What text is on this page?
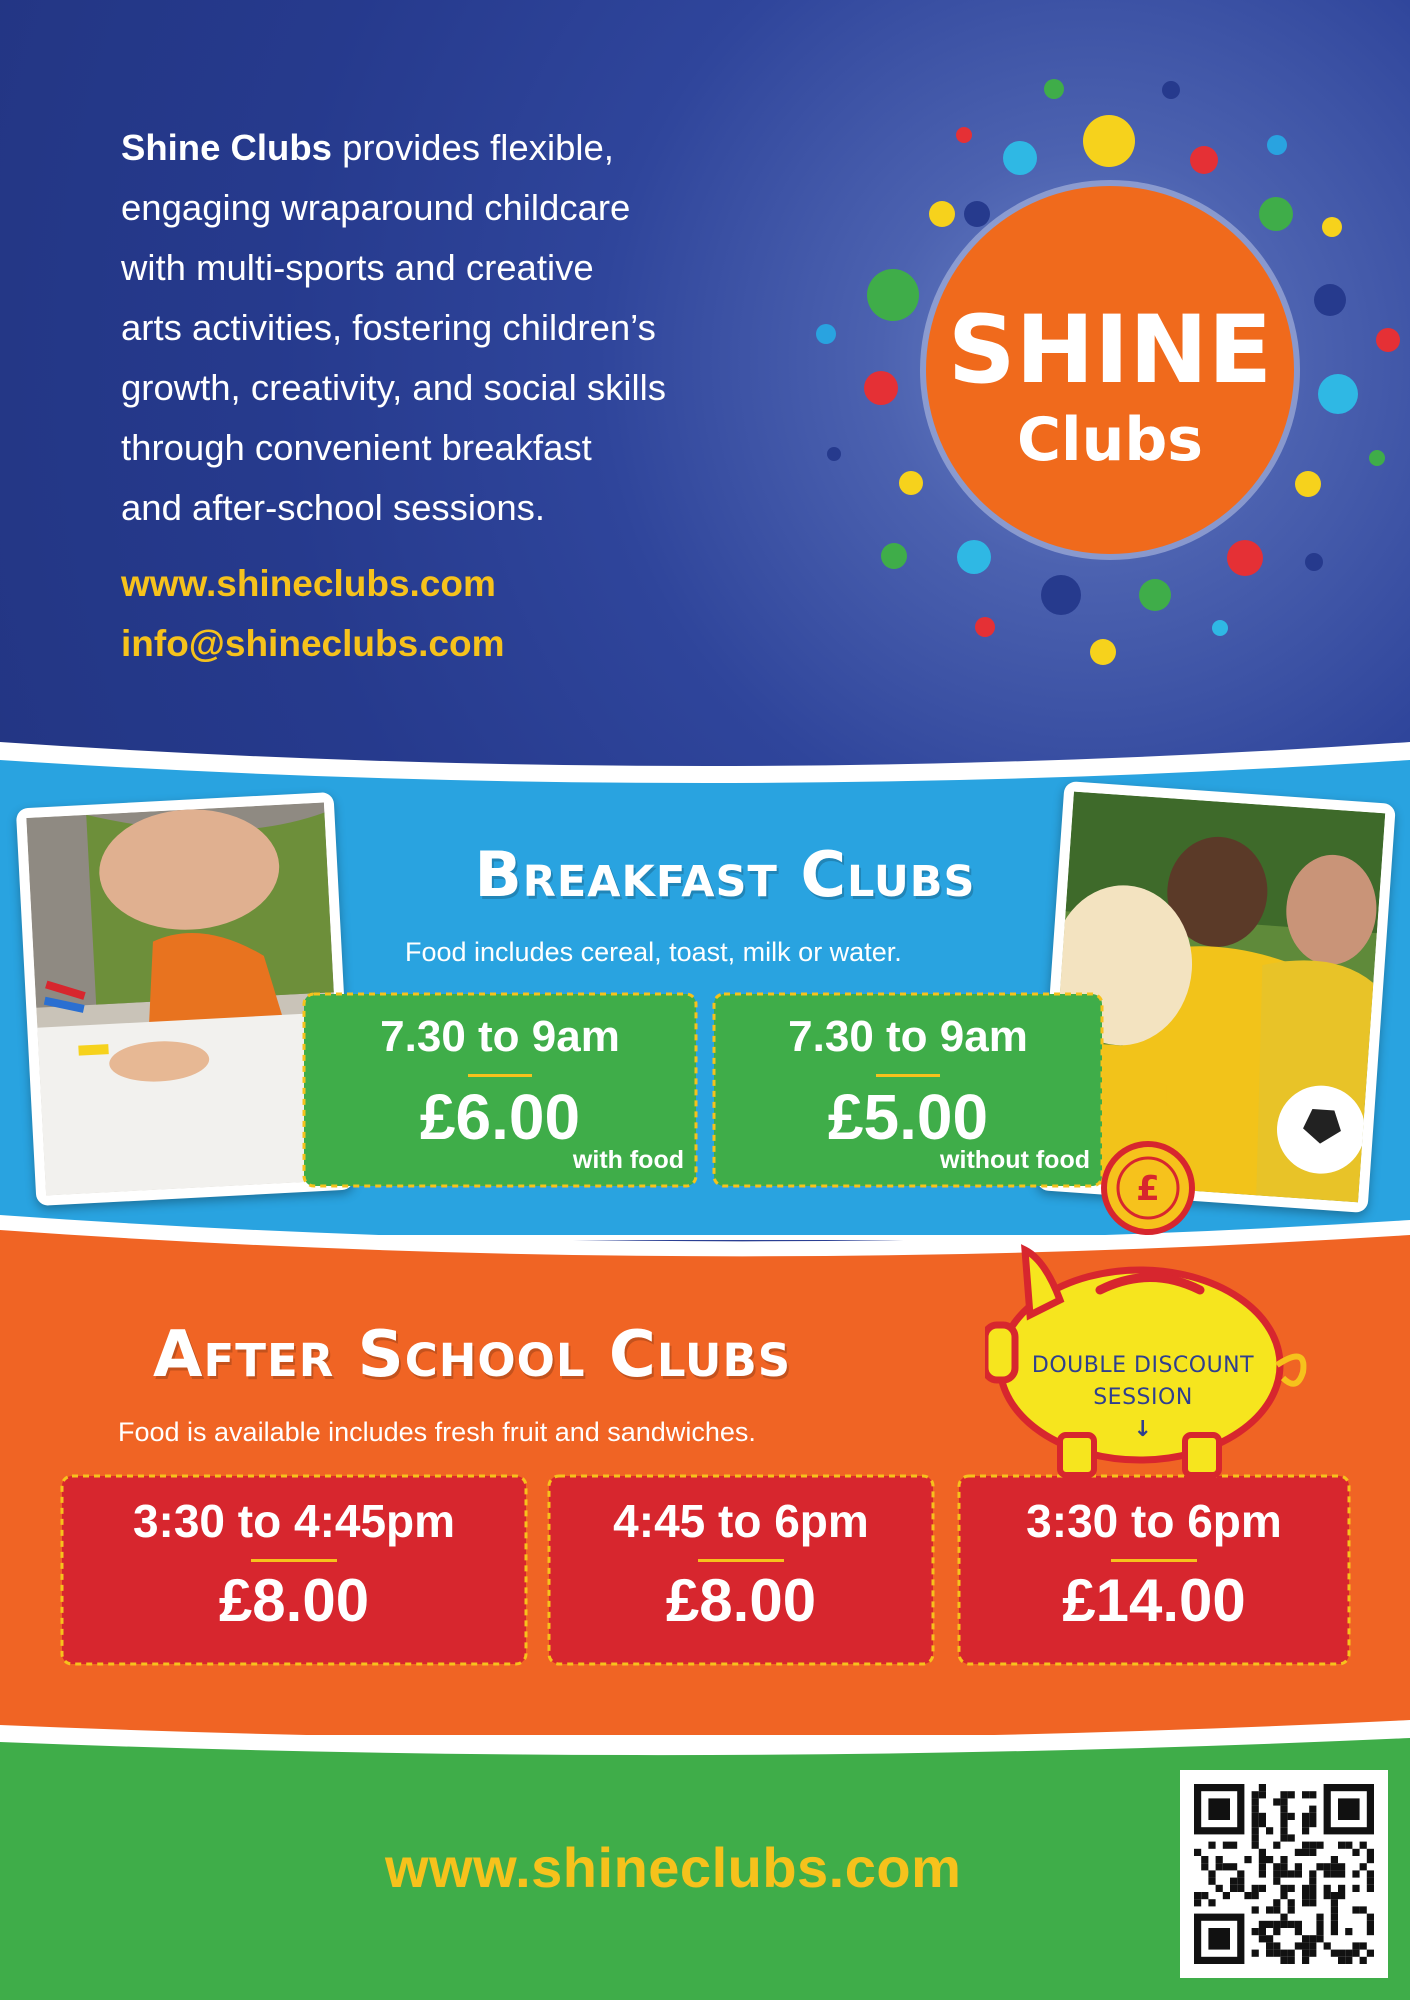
Shine Clubs provides flexible,
engaging wraparound childcare
with multi-sports and creative
arts activities, fostering children’s
growth, creativity, and social skills
through convenient breakfast
and after-school sessions.

www.shineclubs.com
info@shineclubs.com
SHINE
Clubs
Breakfast Clubs
Food includes cereal, toast, milk or water.
7.30 to 9am
£6.00
with food
7.30 to 9am
£5.00
without food
After School Clubs
Food is available includes fresh fruit and sandwiches.
3:30 to 4:45pm
£8.00
4:45 to 6pm
£8.00
3:30 to 6pm
£14.00
£
DOUBLE DISCOUNT
SESSION
↓
www.shineclubs.com
